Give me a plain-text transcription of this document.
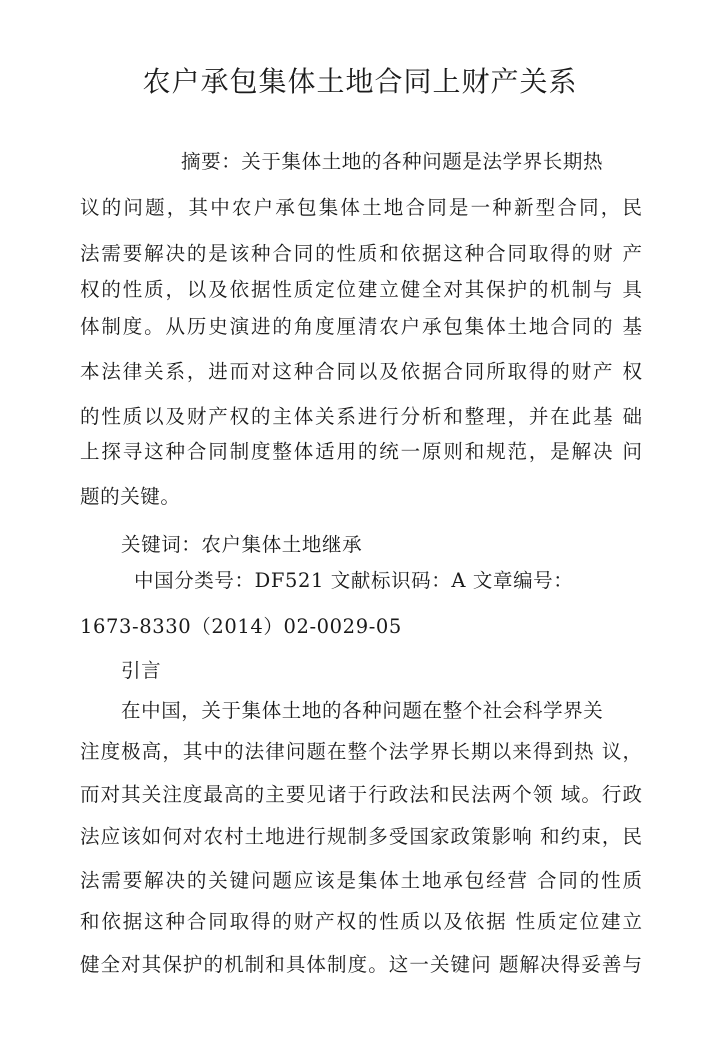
农户承包集体土地合同上财产关系
摘要：关于集体土地的各种问题是法学界长期热
议的问题，其中农户承包集体土地合同是一种新型合同，民
法需要解决的是该种合同的性质和依据这种合同取得的财 产
权的性质，以及依据性质定位建立健全对其保护的机制与 具
体制度。从历史演进的角度厘清农户承包集体土地合同的 基
本法律关系，进而对这种合同以及依据合同所取得的财产 权
的性质以及财产权的主体关系进行分析和整理，并在此基 础
上探寻这种合同制度整体适用的统一原则和规范，是解决 问
题的关键。
关键词：农户集体土地继承
中国分类号：DF521 文献标识码：A 文章编号：
1673-8330（2014）02-0029-05
引言
在中国，关于集体土地的各种问题在整个社会科学界关
注度极高，其中的法律问题在整个法学界长期以来得到热 议，
而对其关注度最高的主要见诸于行政法和民法两个领 域。行政
法应该如何对农村土地进行规制多受国家政策影响 和约束，民
法需要解决的关键问题应该是集体土地承包经营 合同的性质
和依据这种合同取得的财产权的性质以及依据 性质定位建立
健全对其保护的机制和具体制度。这一关键问 题解决得妥善与
